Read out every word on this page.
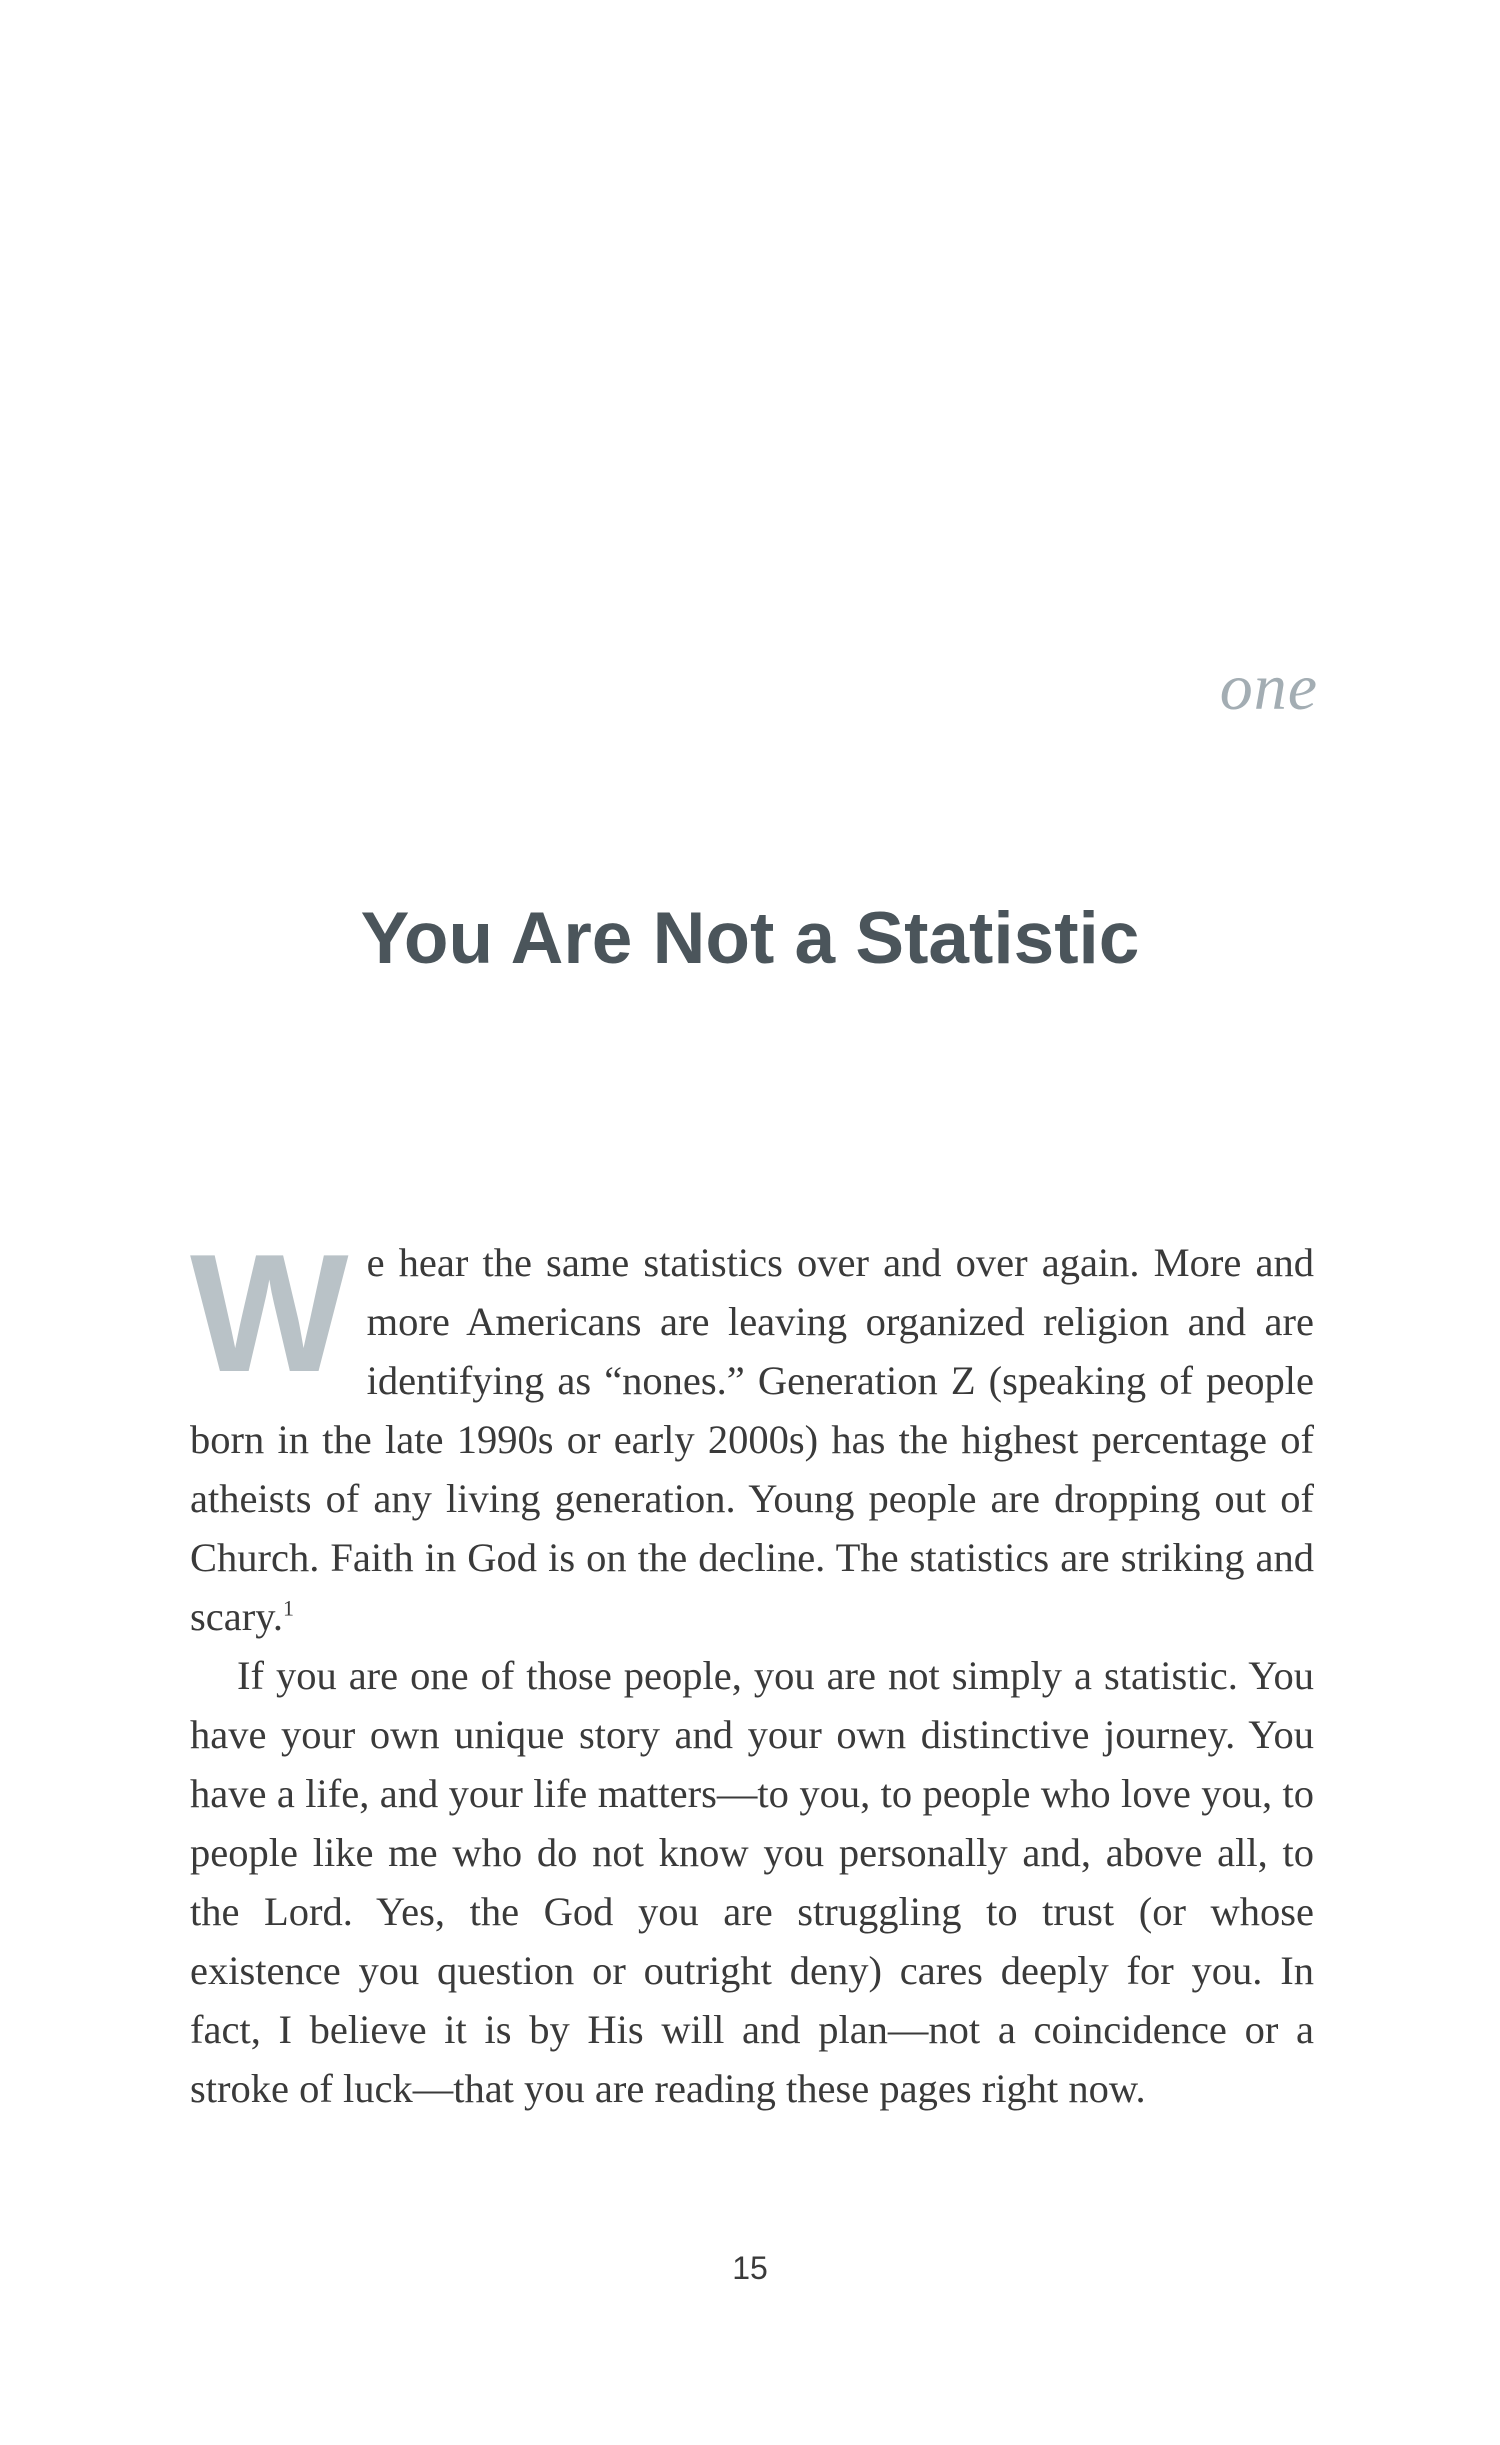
one

You Are Not a Statistic

We hear the same statistics over and over again. More and more Americans are leaving organized religion and are identifying as “nones.” Generation Z (speaking of people born in the late 1990s or early 2000s) has the highest percentage of atheists of any living generation. Young people are dropping out of Church. Faith in God is on the decline. The statistics are striking and scary.$^1$

If you are one of those people, you are not simply a statistic. You have your own unique story and your own distinctive journey. You have a life, and your life matters—to you, to people who love you, to people like me who do not know you personally and, above all, to the Lord. Yes, the God you are struggling to trust (or whose existence you question or outright deny) cares deeply for you. In fact, I believe it is by His will and plan—not a coincidence or a stroke of luck—that you are reading these pages right now.

15
